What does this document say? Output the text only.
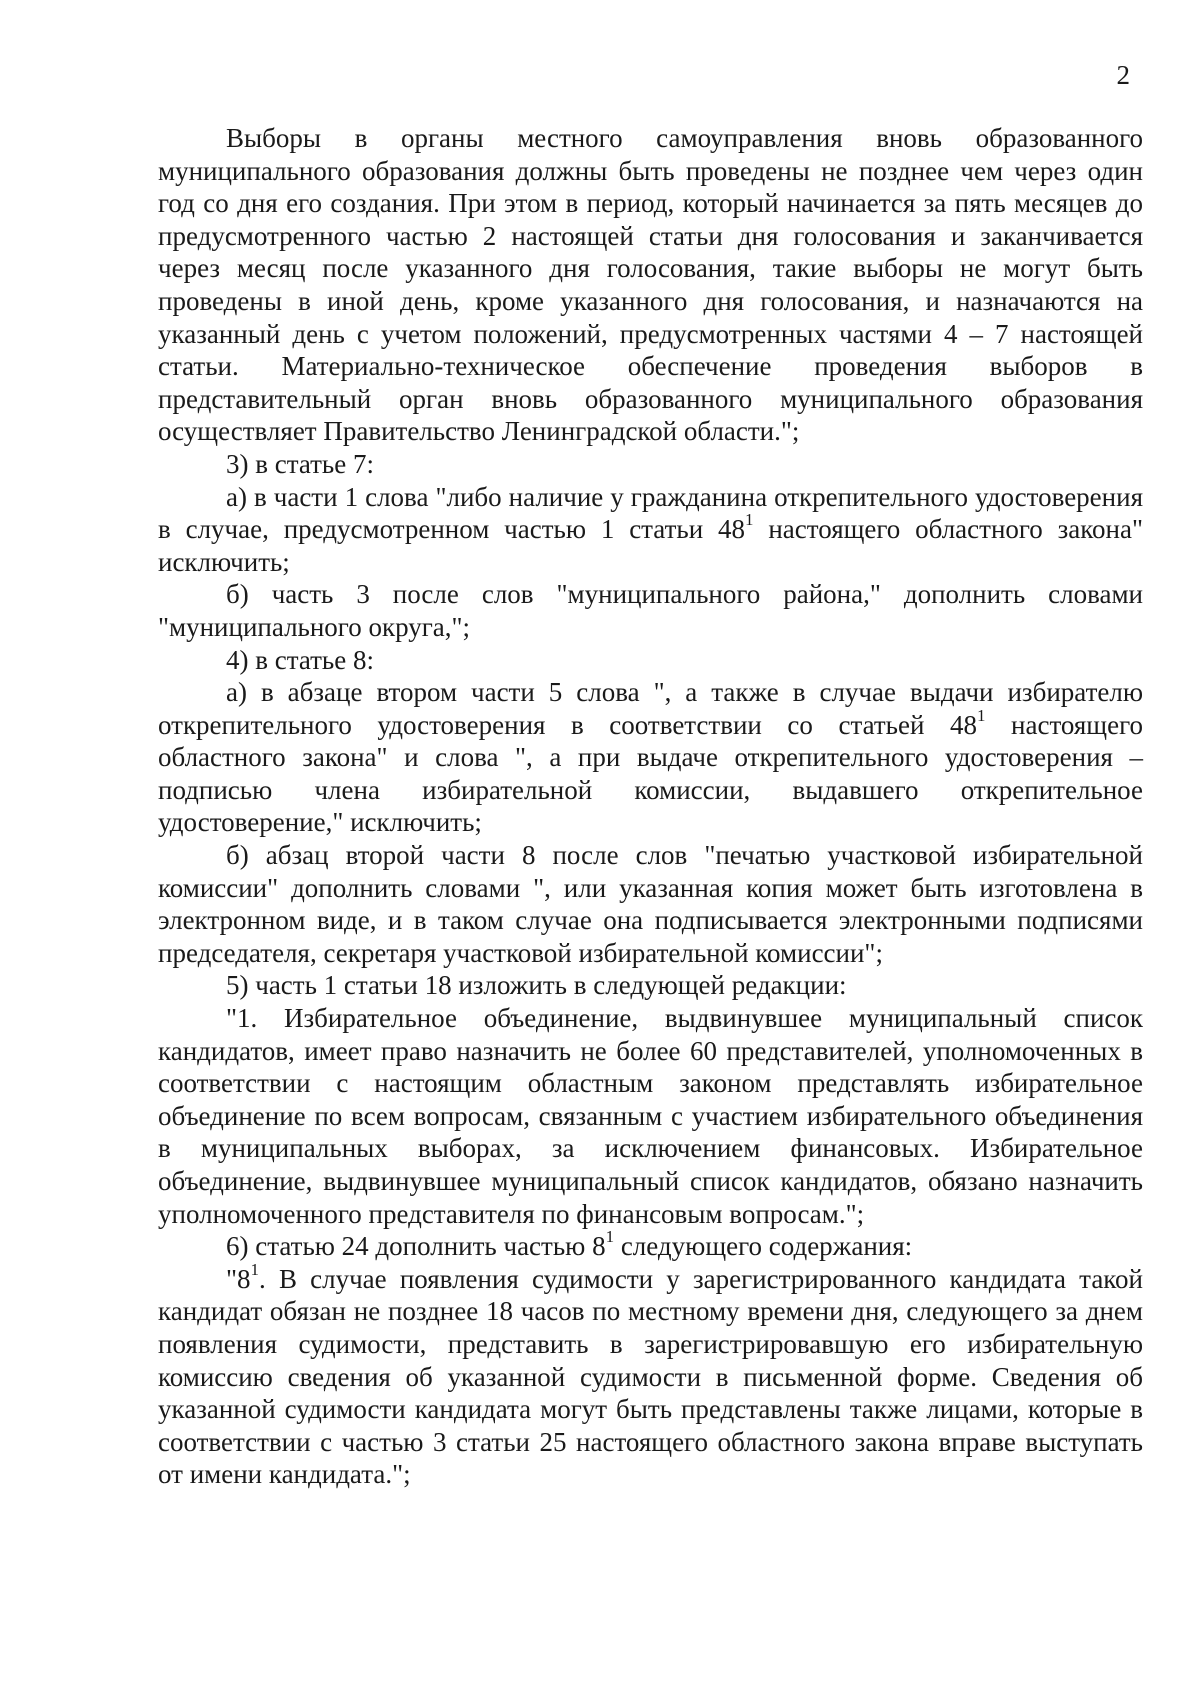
2

Выборы в органы местного самоуправления вновь образованного муниципального образования должны быть проведены не позднее чем через один год со дня его создания. При этом в период, который начинается за пять месяцев до предусмотренного частью 2 настоящей статьи дня голосования и заканчивается через месяц после указанного дня голосования, такие выборы не могут быть проведены в иной день, кроме указанного дня голосования, и назначаются на указанный день с учетом положений, предусмотренных частями 4 – 7 настоящей статьи. Материально-техническое обеспечение проведения выборов в представительный орган вновь образованного муниципального образования осуществляет Правительство Ленинградской области.";

3) в статье 7:

а) в части 1 слова "либо наличие у гражданина открепительного удостоверения в случае, предусмотренном частью 1 статьи $48^1$ настоящего областного закона" исключить;

б) часть 3 после слов "муниципального района," дополнить словами "муниципального округа,";

4) в статье 8:

а) в абзаце втором части 5 слова ", а также в случае выдачи избирателю открепительного удостоверения в соответствии со статьей $48^1$ настоящего областного закона" и слова ", а при выдаче открепительного удостоверения – подписью члена избирательной комиссии, выдавшего открепительное удостоверение," исключить;

б) абзац второй части 8 после слов "печатью участковой избирательной комиссии" дополнить словами ", или указанная копия может быть изготовлена в электронном виде, и в таком случае она подписывается электронными подписями председателя, секретаря участковой избирательной комиссии";

5) часть 1 статьи 18 изложить в следующей редакции:

"1. Избирательное объединение, выдвинувшее муниципальный список кандидатов, имеет право назначить не более 60 представителей, уполномоченных в соответствии с настоящим областным законом представлять избирательное объединение по всем вопросам, связанным с участием избирательного объединения в муниципальных выборах, за исключением финансовых. Избирательное объединение, выдвинувшее муниципальный список кандидатов, обязано назначить уполномоченного представителя по финансовым вопросам.";

6) статью 24 дополнить частью $8^1$ следующего содержания:

"$8^1$. В случае появления судимости у зарегистрированного кандидата такой кандидат обязан не позднее 18 часов по местному времени дня, следующего за днем появления судимости, представить в зарегистрировавшую его избирательную комиссию сведения об указанной судимости в письменной форме. Сведения об указанной судимости кандидата могут быть представлены также лицами, которые в соответствии с частью 3 статьи 25 настоящего областного закона вправе выступать от имени кандидата.";
